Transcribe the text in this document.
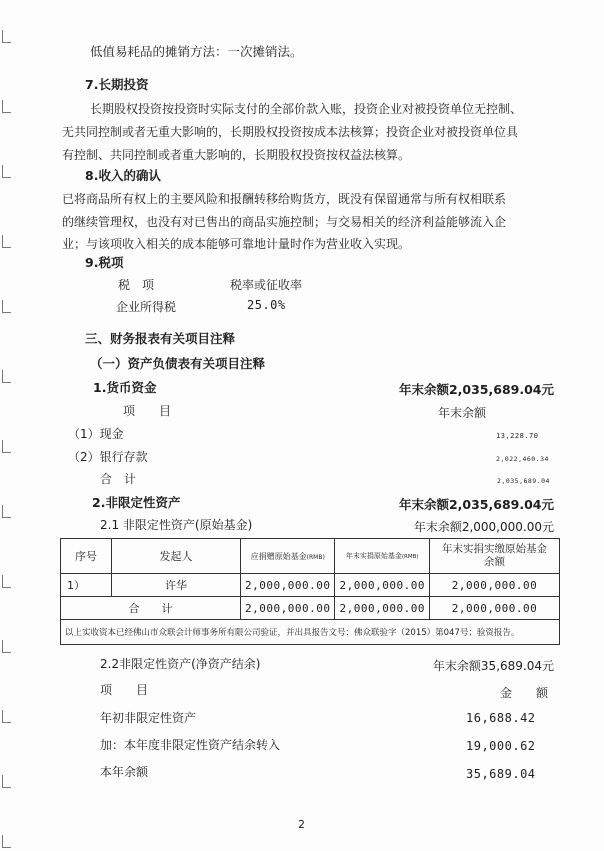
低值易耗品的摊销方法：一次摊销法。
7.长期投资
长期股权投资按投资时实际支付的全部价款入账，投资企业对被投资单位无控制、
无共同控制或者无重大影响的，长期股权投资按成本法核算；投资企业对被投资单位具
有控制、共同控制或者重大影响的，长期股权投资按权益法核算。
8.收入的确认
已将商品所有权上的主要风险和报酬转移给购货方，既没有保留通常与所有权相联系
的继续管理权，也没有对已售出的商品实施控制；与交易相关的经济利益能够流入企
业；与该项收入相关的成本能够可靠地计量时作为营业收入实现。
9.税项
税　项	税率或征收率
企业所得税	25.0%
三、财务报表有关项目注释
（一）资产负债表有关项目注释
1.货币资金	年末余额2,035,689.04元
项　　目	年末余额
（1）现金	13,228.70
（2）银行存款	2,022,460.34
合　计	2,035,689.04
2.非限定性资产	年末余额2,035,689.04元
2.1 非限定性资产(原始基金)	年末余额2,000,000.00元
序号	发起人	应捐赠原始基金(RMB)	年末实捐原始基金(RMB)	年末实捐实缴原始基金
余额

1）	许华	2,000,000.00	2,000,000.00	2,000,000.00
合　　计		2,000,000.00	2,000,000.00	2,000,000.00
以上实收资本已经佛山市众联会计师事务所有限公司验证，并出具报告文号：佛众联验字（2015）第047号；验资报告。				
2.2非限定性资产(净资产结余)	年末余额35,689.04元
项　　目	金　　额
年初非限定性资产	16,688.42
加：本年度非限定性资产结余转入	19,000.62
本年余额	35,689.04
2
